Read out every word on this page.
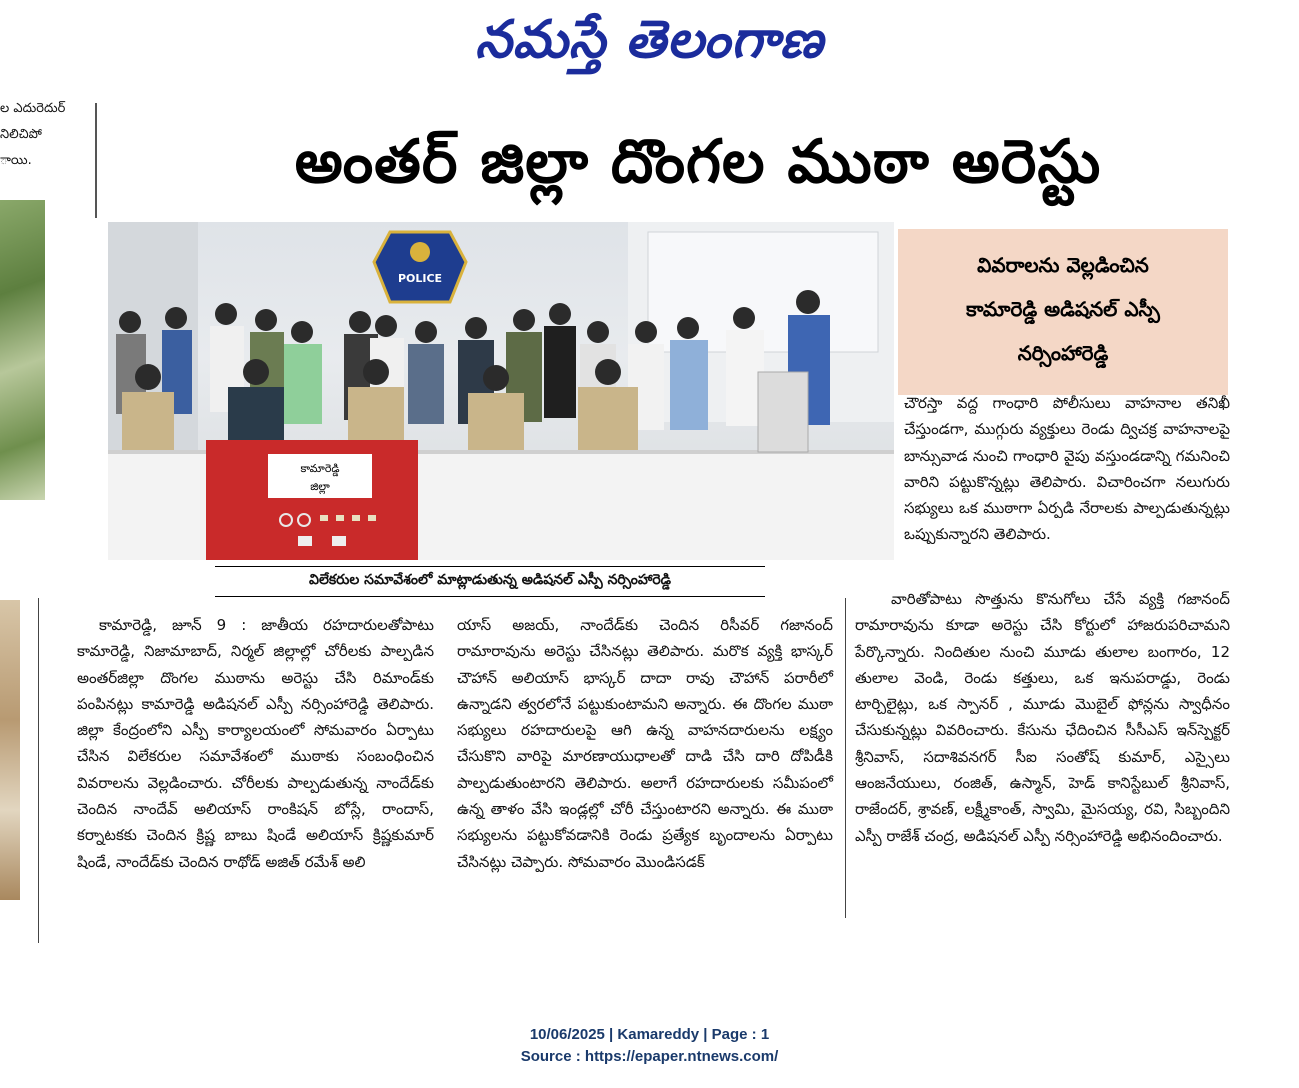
నమస్తే తెలంగాణ
ల ఎదురెదుర్
నిలిచిపో
ాయి.	అంతర్ జిల్లా దొంగల ముఠా అరెస్టు
POLICE
కామారెడ్డి
జిల్లా
వివరాలను వెల్లడించిన
కామారెడ్డి అడిషనల్ ఎస్పీ
నర్సింహారెడ్డి
విలేకరుల సమావేశంలో మాట్లాడుతున్న అడిషనల్ ఎస్పీ నర్సింహారెడ్డి

కామారెడ్డి, జూన్ 9 : జాతీయ రహదారులతోపాటు కామారెడ్డి, నిజామాబాద్, నిర్మల్ జిల్లాల్లో చోరీలకు పాల్పడిన అంతర్‌జిల్లా దొంగల ముఠాను అరెస్టు చేసి రిమాండ్‌కు పంపినట్లు కామారెడ్డి అడిషనల్ ఎస్పీ నర్సింహారెడ్డి తెలిపారు. జిల్లా కేంద్రంలోని ఎస్పీ కార్యాలయంలో సోమవారం ఏర్పాటు చేసిన విలేకరుల సమావేశంలో ముఠాకు సంబంధించిన వివరాలను వెల్లడించారు. చోరీలకు పాల్పడుతున్న నాందేడ్‌కు చెందిన నాందేవ్ అలియాస్ రాంకిషన్ బోస్లే, రాందాస్, కర్నాటకకు చెందిన క్రిష్ణ బాబు షిండే అలియాస్ క్రిష్ణకుమార్ షిండే, నాందేడ్‌కు చెందిన రాథోడ్ అజిత్ రమేశ్ అలి

యాస్ అజయ్, నాందేడ్‌కు చెందిన రిసీవర్ గజానంద్ రామారావును అరెస్టు చేసినట్లు తెలిపారు. మరొక వ్యక్తి భాస్కర్ చౌహాన్ అలియాస్ భాస్కర్ దాదా రావు చౌహాన్ పరారీలో ఉన్నాడని త్వరలోనే పట్టుకుంటామని అన్నారు. ఈ దొంగల ముఠా సభ్యులు రహదారులపై ఆగి ఉన్న వాహనదారులను లక్ష్యం చేసుకొని వారిపై మారణాయుధాలతో దాడి చేసి దారి దోపిడీకి పాల్పడుతుంటారని తెలిపారు. అలాగే రహదారులకు సమీపంలో ఉన్న తాళం వేసి ఇండ్లల్లో చోరీ చేస్తుంటారని అన్నారు. ఈ ముఠా సభ్యులను పట్టుకోవడానికి రెండు ప్రత్యేక బృందాలను ఏర్పాటు చేసినట్లు చెప్పారు. సోమవారం మొండిసడక్

చౌరస్తా వద్ద గాంధారి పోలీసులు వాహనాల తనిఖీ చేస్తుండగా, ముగ్గురు వ్యక్తులు రెండు ద్విచక్ర వాహనాలపై బాన్సువాడ నుంచి గాంధారి వైపు వస్తుండడాన్ని గమనించి వారిని పట్టుకొన్నట్లు తెలిపారు. విచారించగా నలుగురు సభ్యులు ఒక ముఠాగా ఏర్పడి నేరాలకు పాల్పడుతున్నట్లు ఒప్పుకున్నారని తెలిపారు.

వారితోపాటు సొత్తును కొనుగోలు చేసే వ్యక్తి గజానంద్ రామారావును కూడా అరెస్టు చేసి కోర్టులో హాజరుపరిచామని పేర్కొన్నారు. నిందితుల నుంచి మూడు తులాల బంగారం, 12 తులాల వెండి, రెండు కత్తులు, ఒక ఇనుపరాడ్డు, రెండు టార్చిలైట్లు, ఒక స్పానర్ , మూడు మొబైల్ ఫోన్లను స్వాధీనం చేసుకున్నట్లు వివరించారు. కేసును ఛేదించిన సీసీఎస్ ఇన్‌స్పెక్టర్ శ్రీనివాస్, సదాశివనగర్ సీఐ సంతోష్ కుమార్, ఎస్సైలు ఆంజనేయులు, రంజిత్, ఉస్మాన్, హెడ్ కానిస్టేబుల్ శ్రీనివాస్, రాజేందర్, శ్రావణ్, లక్ష్మీకాంత్, స్వామి, మైసయ్య, రవి, సిబ్బందిని ఎస్పీ రాజేశ్ చంద్ర, అడిషనల్ ఎస్పీ నర్సింహారెడ్డి అభినందించారు.

10/06/2025 | Kamareddy | Page : 1
Source : https://epaper.ntnews.com/
